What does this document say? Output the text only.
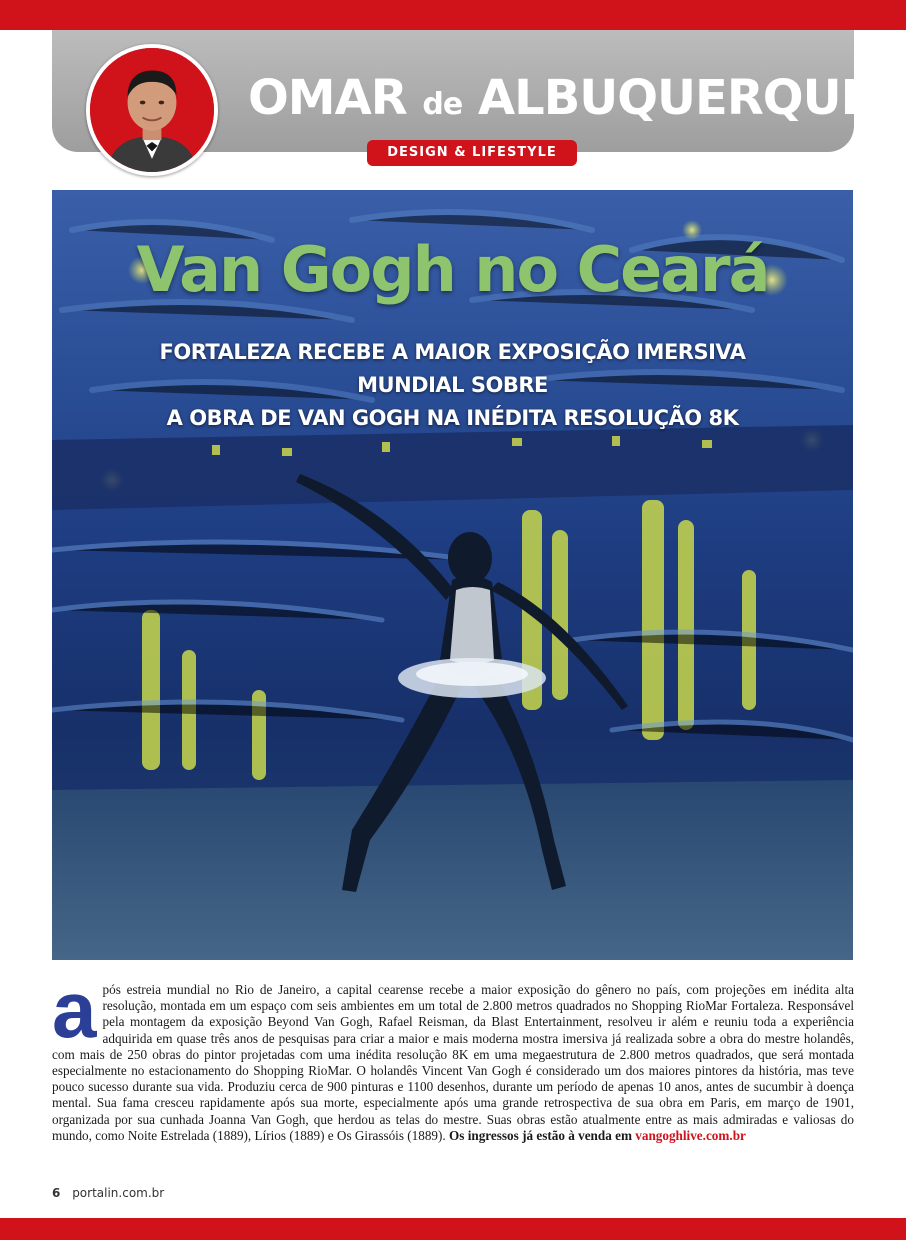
OMAR de ALBUQUERQUE
DESIGN & LIFESTYLE
Van Gogh no Ceará
FORTALEZA RECEBE A MAIOR EXPOSIÇÃO IMERSIVA MUNDIAL SOBRE
A OBRA DE VAN GOGH NA INÉDITA RESOLUÇÃO 8K
a pós estreia mundial no Rio de Janeiro, a capital cearense recebe a maior exposição do gênero no país, com projeções em inédita alta resolução, montada em um espaço com seis ambientes em um total de 2.800 metros quadrados no Shopping RioMar Fortaleza. Responsável pela montagem da exposição Beyond Van Gogh, Rafael Reisman, da Blast Entertainment, resolveu ir além e reuniu toda a experiência adquirida em quase três anos de pesquisas para criar a maior e mais moderna mostra imersiva já realizada sobre a obra do mestre holandês, com mais de 250 obras do pintor projetadas com uma inédita resolução 8K em uma megaestrutura de 2.800 metros quadrados, que será montada especialmente no estacionamento do Shopping RioMar. O holandês Vincent Van Gogh é considerado um dos maiores pintores da história, mas teve pouco sucesso durante sua vida. Produziu cerca de 900 pinturas e 1100 desenhos, durante um período de apenas 10 anos, antes de sucumbir à doença mental. Sua fama cresceu rapidamente após sua morte, especialmente após uma grande retrospectiva de sua obra em Paris, em março de 1901, organizada por sua cunhada Joanna Van Gogh, que herdou as telas do mestre. Suas obras estão atualmente entre as mais admiradas e valiosas do mundo, como Noite Estrelada (1889), Lírios (1889) e Os Girassóis (1889). Os ingressos já estão à venda em vangoghlive.com.br
6 portalin.com.br
